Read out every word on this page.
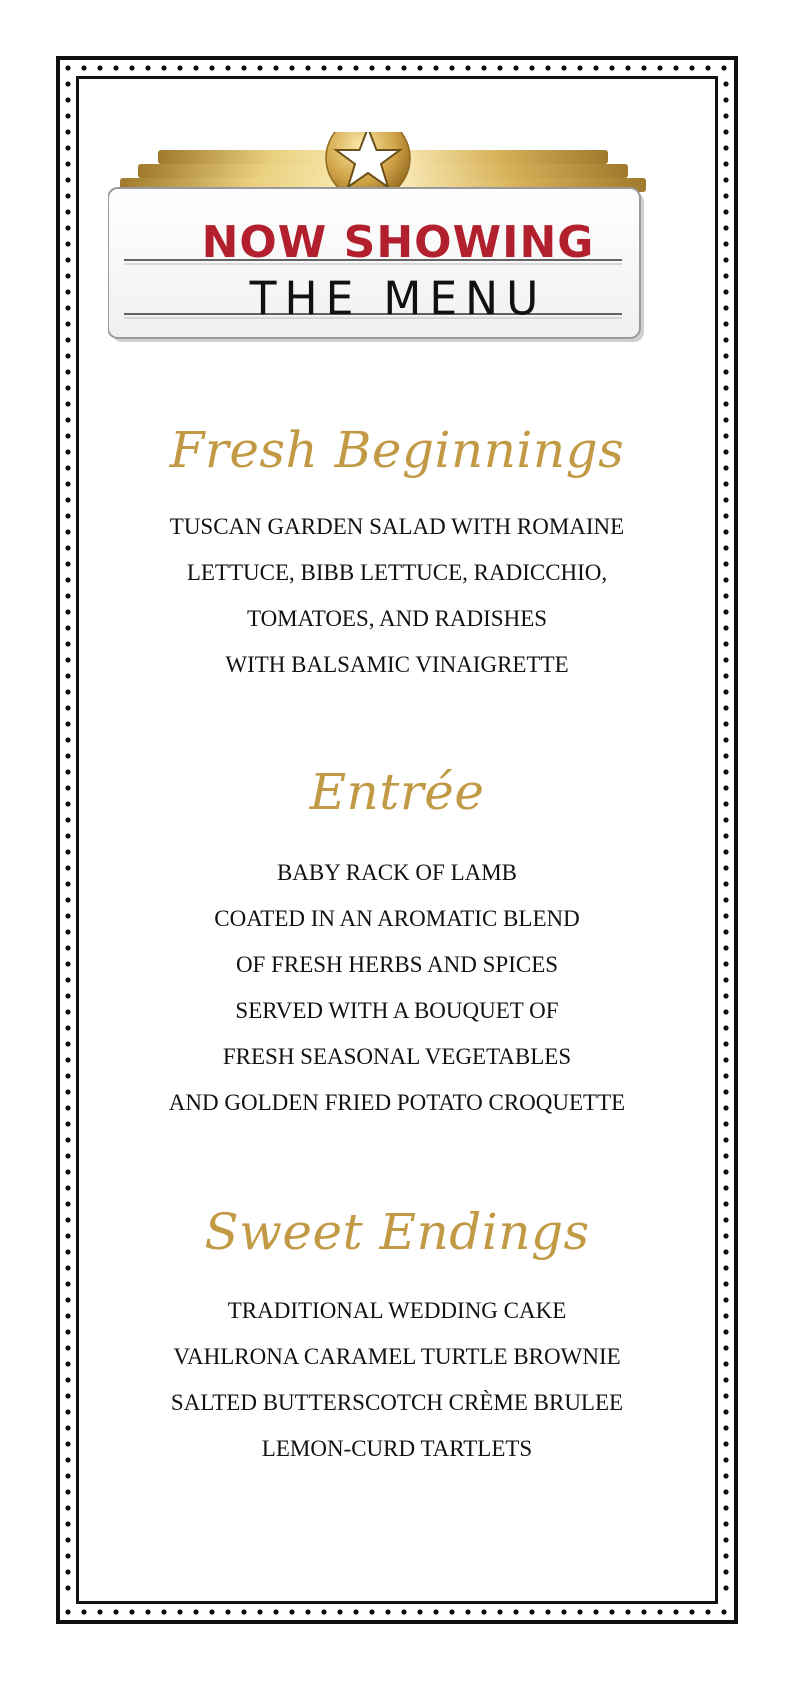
NOW SHOWING
THE MENU
Fresh Beginnings
TUSCAN GARDEN SALAD WITH ROMAINE
LETTUCE, BIBB LETTUCE, RADICCHIO,
TOMATOES, AND RADISHES
WITH BALSAMIC VINAIGRETTE
Entrée
BABY RACK OF LAMB
COATED IN AN AROMATIC BLEND
OF FRESH HERBS AND SPICES
SERVED WITH A BOUQUET OF
FRESH SEASONAL VEGETABLES
AND GOLDEN FRIED POTATO CROQUETTE
Sweet Endings
TRADITIONAL WEDDING CAKE
VAHLRONA CARAMEL TURTLE BROWNIE
SALTED BUTTERSCOTCH CRÈME BRULEE
LEMON-CURD TARTLETS
